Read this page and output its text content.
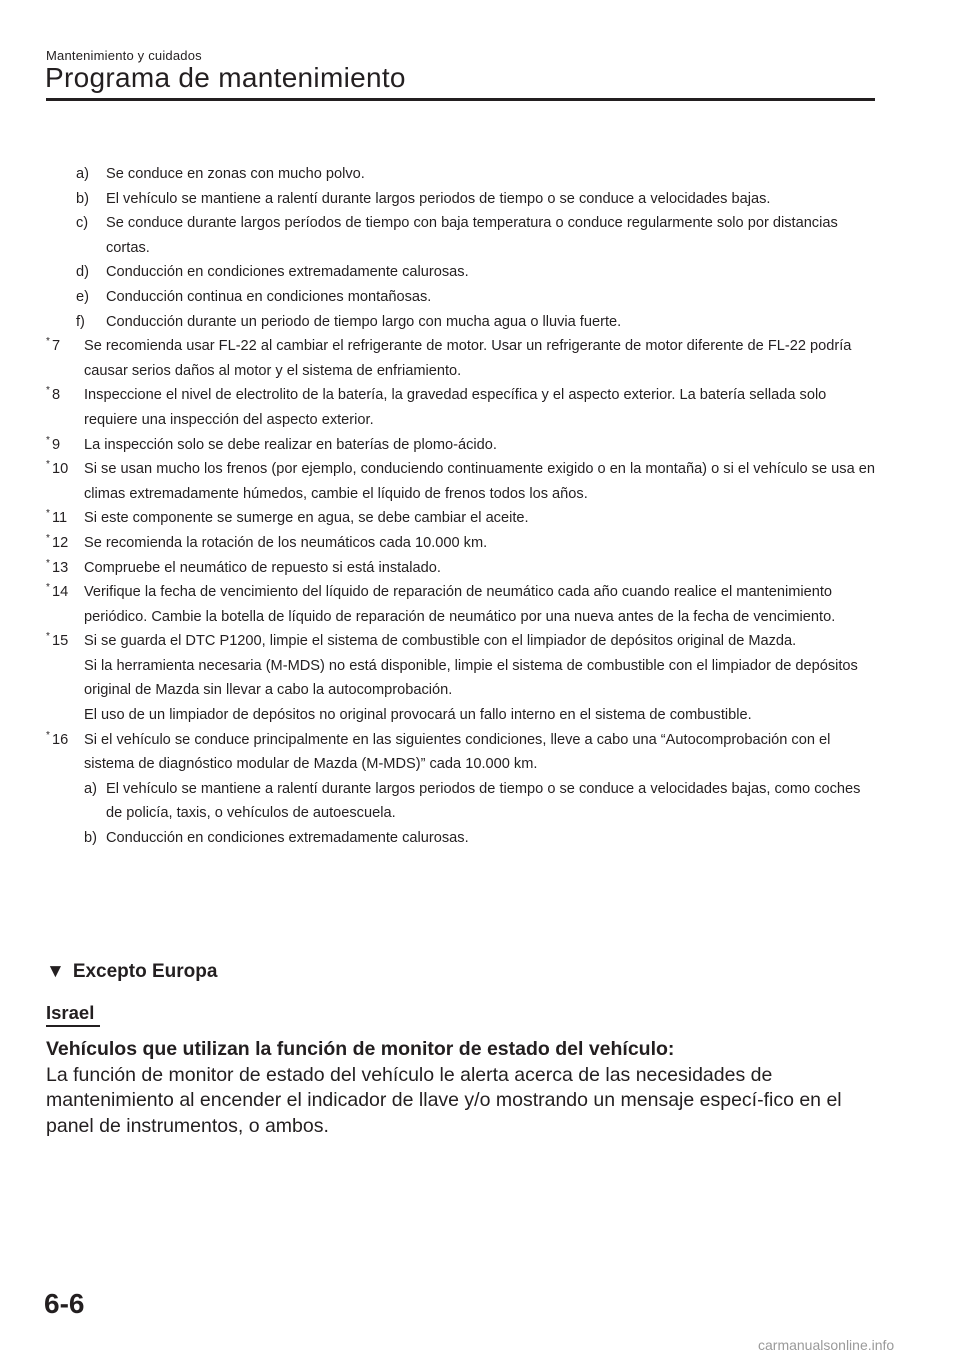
Mantenimiento y cuidados
Programa de mantenimiento
a)	Se conduce en zonas con mucho polvo.
b)	El vehículo se mantiene a ralentí durante largos periodos de tiempo o se conduce a velocidades bajas.
c)	Se conduce durante largos períodos de tiempo con baja temperatura o conduce regularmente solo por distancias cortas.
d)	Conducción en condiciones extremadamente calurosas.
e)	Conducción continua en condiciones montañosas.
f)	Conducción durante un periodo de tiempo largo con mucha agua o lluvia fuerte.
* 7	Se recomienda usar FL-22 al cambiar el refrigerante de motor. Usar un refrigerante de motor diferente de FL-22 podría causar serios daños al motor y el sistema de enfriamiento.
* 8	Inspeccione el nivel de electrolito de la batería, la gravedad específica y el aspecto exterior. La batería sellada solo requiere una inspección del aspecto exterior.
* 9	La inspección solo se debe realizar en baterías de plomo-ácido.
* 10	Si se usan mucho los frenos (por ejemplo, conduciendo continuamente exigido o en la montaña) o si el vehículo se usa en climas extremadamente húmedos, cambie el líquido de frenos todos los años.
* 11	Si este componente se sumerge en agua, se debe cambiar el aceite.
* 12	Se recomienda la rotación de los neumáticos cada 10.000 km.
* 13	Compruebe el neumático de repuesto si está instalado.
* 14	Verifique la fecha de vencimiento del líquido de reparación de neumático cada año cuando realice el mantenimiento periódico. Cambie la botella de líquido de reparación de neumático por una nueva antes de la fecha de vencimiento.
* 15	Si se guarda el DTC P1200, limpie el sistema de combustible con el limpiador de depósitos original de Mazda.
Si la herramienta necesaria (M-MDS) no está disponible, limpie el sistema de combustible con el limpiador de depósitos original de Mazda sin llevar a cabo la autocomprobación.
El uso de un limpiador de depósitos no original provocará un fallo interno en el sistema de combustible.
* 16	Si el vehículo se conduce principalmente en las siguientes condiciones, lleve a cabo una “Autocomprobación con el sistema de diagnóstico modular de Mazda (M-MDS)” cada 10.000 km.
a) El vehículo se mantiene a ralentí durante largos periodos de tiempo o se conduce a velocidades bajas, como coches de policía, taxis, o vehículos de autoescuela.
b) Conducción en condiciones extremadamente calurosas.
▼ Excepto Europa
Israel
Vehículos que utilizan la función de monitor de estado del vehículo:
La función de monitor de estado del vehículo le alerta acerca de las necesidades de mantenimiento al encender el indicador de llave y/o mostrando un mensaje especí-fico en el panel de instrumentos, o ambos.
6-6
carmanualsonline.info
